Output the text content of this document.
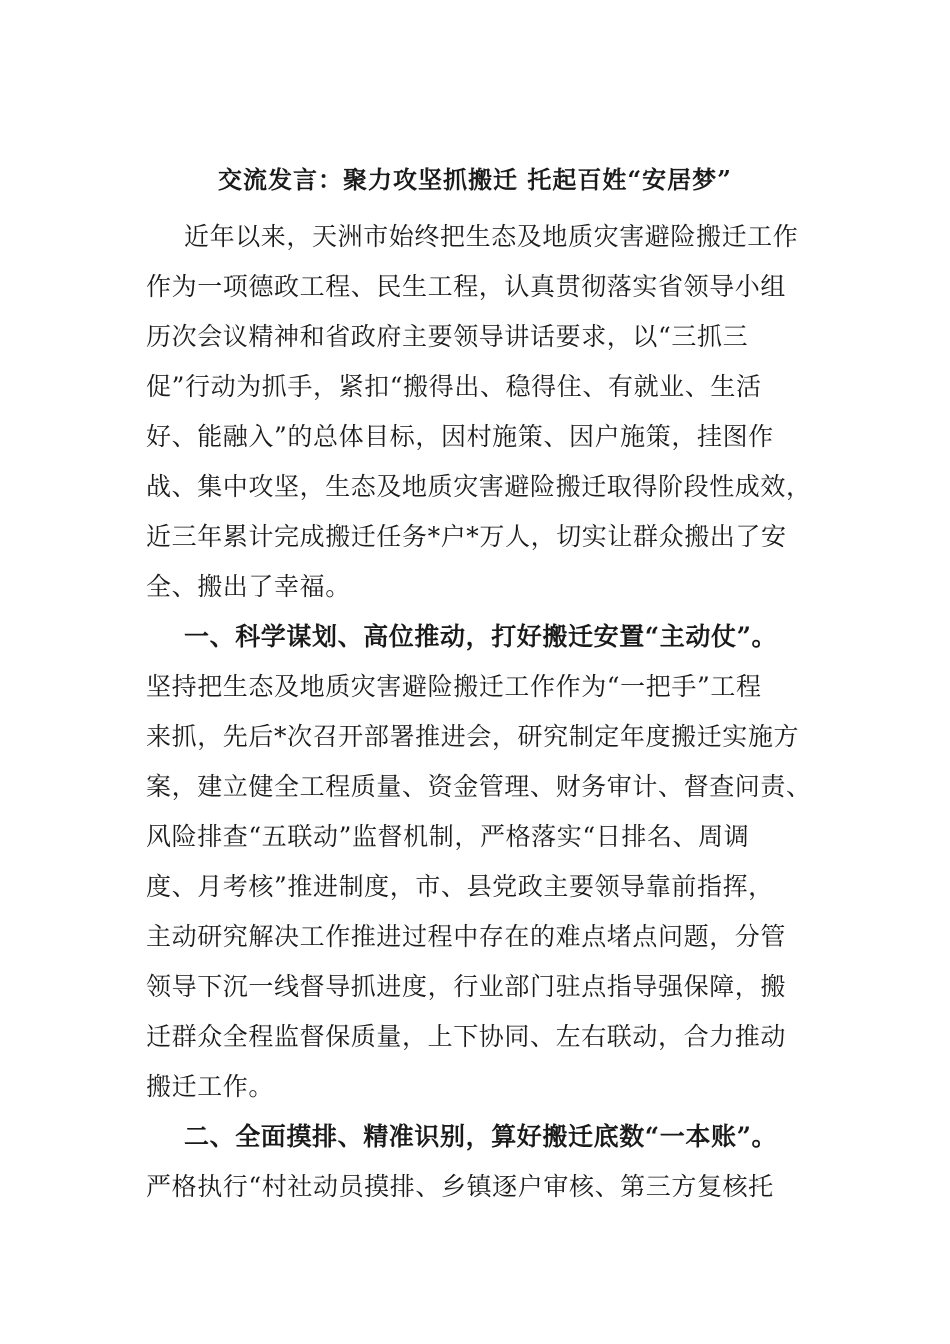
交流发言：聚力攻坚抓搬迁 托起百姓“安居梦”
近年以来，天洲市始终把生态及地质灾害避险搬迁工作
作为一项德政工程、民生工程，认真贯彻落实省领导小组
历次会议精神和省政府主要领导讲话要求，以“三抓三
促”行动为抓手，紧扣“搬得出、稳得住、有就业、生活
好、能融入”的总体目标，因村施策、因户施策，挂图作
战、集中攻坚，生态及地质灾害避险搬迁取得阶段性成效，
近三年累计完成搬迁任务*户*万人，切实让群众搬出了安
全、搬出了幸福。
一、科学谋划、高位推动，打好搬迁安置“主动仗”。
坚持把生态及地质灾害避险搬迁工作作为“一把手”工程
来抓，先后*次召开部署推进会，研究制定年度搬迁实施方
案，建立健全工程质量、资金管理、财务审计、督查问责、
风险排查“五联动”监督机制，严格落实“日排名、周调
度、月考核”推进制度，市、县党政主要领导靠前指挥，
主动研究解决工作推进过程中存在的难点堵点问题，分管
领导下沉一线督导抓进度，行业部门驻点指导强保障，搬
迁群众全程监督保质量，上下协同、左右联动，合力推动
搬迁工作。
二、全面摸排、精准识别，算好搬迁底数“一本账”。
严格执行“村社动员摸排、乡镇逐户审核、第三方复核托
